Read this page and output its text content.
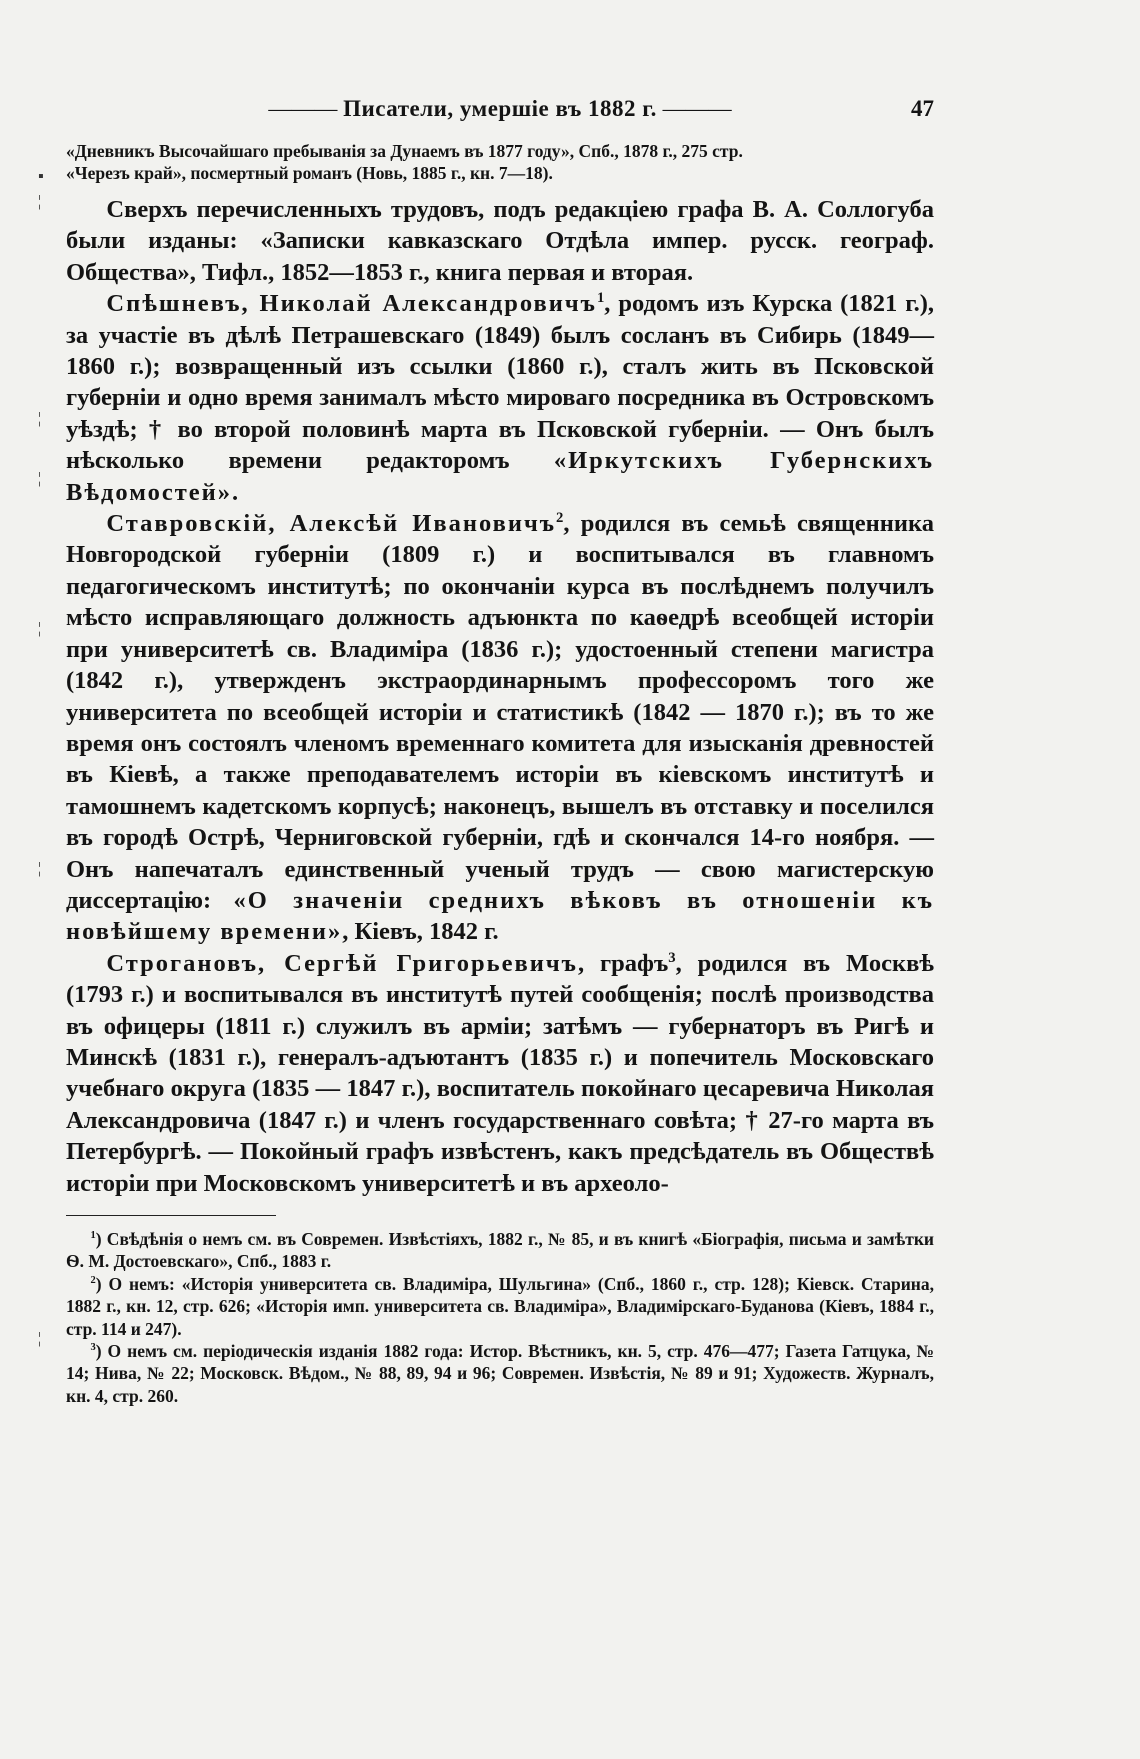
——— Писатели, умершіе въ 1882 г. ———	47

«Дневникъ Высочайшаго пребыванія за Дунаемъ въ 1877 году», Спб., 1878 г., 275 стр.

«Черезъ край», посмертный романъ (Новь, 1885 г., кн. 7—18).

Сверхъ перечисленныхъ трудовъ, подъ редакціею графа В. А. Соллогуба были изданы: «Записки кавказскаго Отдѣла импер. русск. географ. Общества», Тифл., 1852—1853 г., книга первая и вторая.

Спѣшневъ, Николай Александровичъ$^1$, родомъ изъ Курска (1821 г.), за участіе въ дѣлѣ Петрашевскаго (1849) былъ сосланъ въ Сибирь (1849—1860 г.); возвращенный изъ ссылки (1860 г.), сталъ жить въ Псковской губерніи и одно время занималъ мѣсто мироваго посредника въ Островскомъ уѣздѣ; † во второй половинѣ марта въ Псковской губерніи. — Онъ былъ нѣсколько времени редакторомъ «Иркутскихъ Губернскихъ Вѣдомостей».

Ставровскій, Алексѣй Ивановичъ$^2$, родился въ семьѣ священника Новгородской губерніи (1809 г.) и воспитывался въ главномъ педагогическомъ институтѣ; по окончаніи курса въ послѣднемъ получилъ мѣсто исправляющаго должность адъюнкта по каѳедрѣ всеобщей исторіи при университетѣ св. Владиміра (1836 г.); удостоенный степени магистра (1842 г.), утвержденъ экстраординарнымъ профессоромъ того же университета по всеобщей исторіи и статистикѣ (1842 — 1870 г.); въ то же время онъ состоялъ членомъ временнаго комитета для изысканія древностей въ Кіевѣ, а также преподавателемъ исторіи въ кіевскомъ институтѣ и тамошнемъ кадетскомъ корпусѣ; наконецъ, вышелъ въ отставку и поселился въ городѣ Острѣ, Черниговской губерніи, гдѣ и скончался 14-го ноября. — Онъ напечаталъ единственный ученый трудъ — свою магистерскую диссертацію: «О значеніи среднихъ вѣковъ въ отношеніи къ новѣйшему времени», Кіевъ, 1842 г.

Строгановъ, Сергѣй Григорьевичъ, графъ$^3$, родился въ Москвѣ (1793 г.) и воспитывался въ институтѣ путей сообщенія; послѣ производства въ офицеры (1811 г.) служилъ въ арміи; затѣмъ — губернаторъ въ Ригѣ и Минскѣ (1831 г.), генералъ-адъютантъ (1835 г.) и попечитель Московскаго учебнаго округа (1835 — 1847 г.), воспитатель покойнаго цесаревича Николая Александровича (1847 г.) и членъ государственнаго совѣта; † 27-го марта въ Петербургѣ. — Покойный графъ извѣстенъ, какъ предсѣдатель въ Обществѣ исторіи при Московскомъ университетѣ и въ археоло-

$^1$) Свѣдѣнія о немъ см. въ Современ. Извѣстіяхъ, 1882 г., № 85, и въ книгѣ «Біографія, письма и замѣтки Ѳ. М. Достоевскаго», Спб., 1883 г.

$^2$) О немъ: «Исторія университета св. Владиміра, Шульгина» (Спб., 1860 г., стр. 128); Кіевск. Старина, 1882 г., кн. 12, стр. 626; «Исторія имп. университета св. Владиміра», Владимірскаго-Буданова (Кіевъ, 1884 г., стр. 114 и 247).

$^3$) О немъ см. періодическія изданія 1882 года: Истор. Вѣстникъ, кн. 5, стр. 476—477; Газета Гатцука, № 14; Нива, № 22; Московск. Вѣдом., № 88, 89, 94 и 96; Современ. Извѣстія, № 89 и 91; Художеств. Журналъ, кн. 4, стр. 260.

▪
¦
¦
¦
¦
¦
¦
